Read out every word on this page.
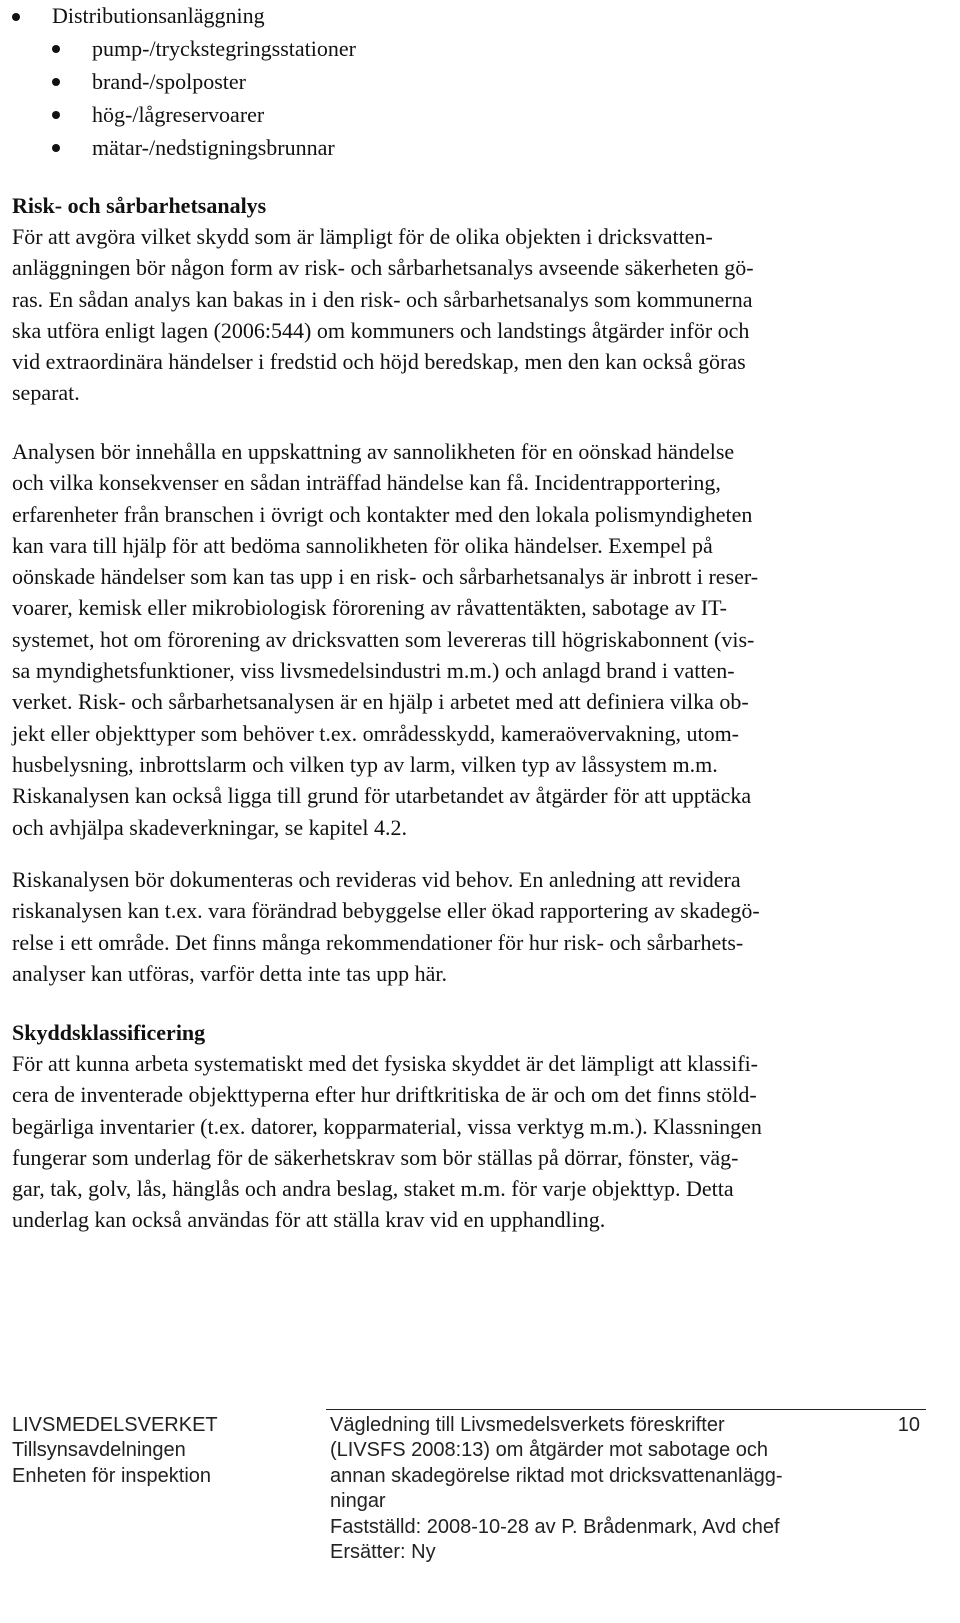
Distributionsanläggning
pump-/tryckstegringsstationer
brand-/spolposter
hög-/lågreservoarer
mätar-/nedstigningsbrunnar
Risk- och sårbarhetsanalys
För att avgöra vilket skydd som är lämpligt för de olika objekten i dricksvatten-
anläggningen bör någon form av risk- och sårbarhetsanalys avseende säkerheten gö-
ras. En sådan analys kan bakas in i den risk- och sårbarhetsanalys som kommunerna
ska utföra enligt lagen (2006:544) om kommuners och landstings åtgärder inför och
vid extraordinära händelser i fredstid och höjd beredskap, men den kan också göras
separat.
Analysen bör innehålla en uppskattning av sannolikheten för en oönskad händelse
och vilka konsekvenser en sådan inträffad händelse kan få. Incidentrapportering,
erfarenheter från branschen i övrigt och kontakter med den lokala polismyndigheten
kan vara till hjälp för att bedöma sannolikheten för olika händelser. Exempel på
oönskade händelser som kan tas upp i en risk- och sårbarhetsanalys är inbrott i reser-
voarer, kemisk eller mikrobiologisk förorening av råvattentäkten, sabotage av IT-
systemet, hot om förorening av dricksvatten som levereras till högriskabonnent (vis-
sa myndighetsfunktioner, viss livsmedelsindustri m.m.) och anlagd brand i vatten-
verket. Risk- och sårbarhetsanalysen är en hjälp i arbetet med att definiera vilka ob-
jekt eller objekttyper som behöver t.ex. områdesskydd, kameraövervakning, utom-
husbelysning, inbrottslarm och vilken typ av larm, vilken typ av låssystem m.m.
Riskanalysen kan också ligga till grund för utarbetandet av åtgärder för att upptäcka
och avhjälpa skadeverkningar, se kapitel 4.2.
Riskanalysen bör dokumenteras och revideras vid behov. En anledning att revidera
riskanalysen kan t.ex. vara förändrad bebyggelse eller ökad rapportering av skadegö-
relse i ett område. Det finns många rekommendationer för hur risk- och sårbarhets-
analyser kan utföras, varför detta inte tas upp här.
Skyddsklassificering
För att kunna arbeta systematiskt med det fysiska skyddet är det lämpligt att klassifi-
cera de inventerade objekttyperna efter hur driftkritiska de är och om det finns stöld-
begärliga inventarier (t.ex. datorer, kopparmaterial, vissa verktyg m.m.). Klassningen
fungerar som underlag för de säkerhetskrav som bör ställas på dörrar, fönster, väg-
gar, tak, golv, lås, hänglås och andra beslag, staket m.m. för varje objekttyp. Detta
underlag kan också användas för att ställa krav vid en upphandling.
LIVSMEDELSVERKET
Tillsynsavdelningen
Enheten för inspektion
Vägledning till Livsmedelsverkets föreskrifter
(LIVSFS 2008:13) om åtgärder mot sabotage och
annan skadegörelse riktad mot dricksvattenanlägg-
ningar
Fastställd: 2008-10-28 av P. Brådenmark, Avd chef
Ersätter: Ny
10
